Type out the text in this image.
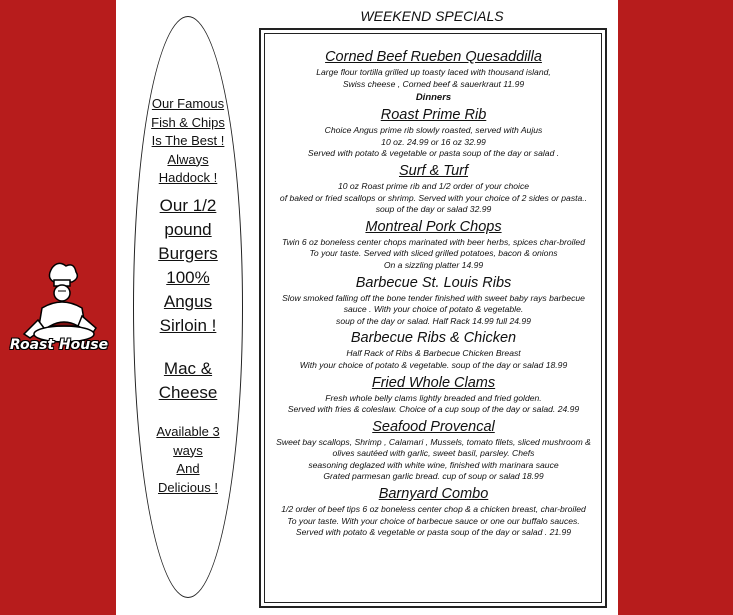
Roast House
Our Famous
Fish & Chips
Is The Best !
Always
Haddock !
Our 1/2
pound
Burgers
100%
Angus
Sirloin !
Mac &
Cheese
Available 3
ways
And
Delicious !
WEEKEND SPECIALS
Corned Beef Rueben Quesaddilla
Large flour tortilla grilled up toasty laced with thousand island,
Swiss cheese , Corned beef & sauerkraut 11.99
Dinners
Roast Prime Rib
Choice Angus prime rib slowly roasted, served with Aujus
10 oz. 24.99 or 16 oz 32.99
Served with potato & vegetable or pasta soup of the day or salad .
Surf & Turf
10 oz Roast prime rib and 1/2 order of your choice
of baked or fried scallops or shrimp. Served with your choice of 2 sides or pasta..
soup of the day or salad 32.99
Montreal Pork Chops
Twin 6 oz boneless center chops marinated with beer herbs, spices char-broiled
To your taste. Served with sliced grilled potatoes, bacon & onions
On a sizzling platter 14.99
Barbecue St. Louis Ribs
Slow smoked falling off the bone tender finished with sweet baby rays barbecue
sauce . With your choice of potato & vegetable.
soup of the day or salad. Half Rack 14.99 full 24.99
Barbecue Ribs & Chicken
Half Rack of Ribs & Barbecue Chicken Breast
With your choice of potato & vegetable. soup of the day or salad 18.99
Fried Whole Clams
Fresh whole belly clams lightly breaded and fried golden.
Served with fries & coleslaw. Choice of a cup soup of the day or salad. 24.99
Seafood Provencal
Sweet bay scallops, Shrimp , Calamari , Mussels, tomato filets, sliced mushroom &
olives sautéed with garlic, sweet basil, parsley. Chefs
seasoning deglazed with white wine, finished with marinara sauce
Grated parmesan garlic bread. cup of soup or salad 18.99
Barnyard Combo
1/2 order of beef tips 6 oz boneless center chop & a chicken breast, char-broiled
To your taste. With your choice of barbecue sauce or one our buffalo sauces.
Served with potato & vegetable or pasta soup of the day or salad . 21.99
